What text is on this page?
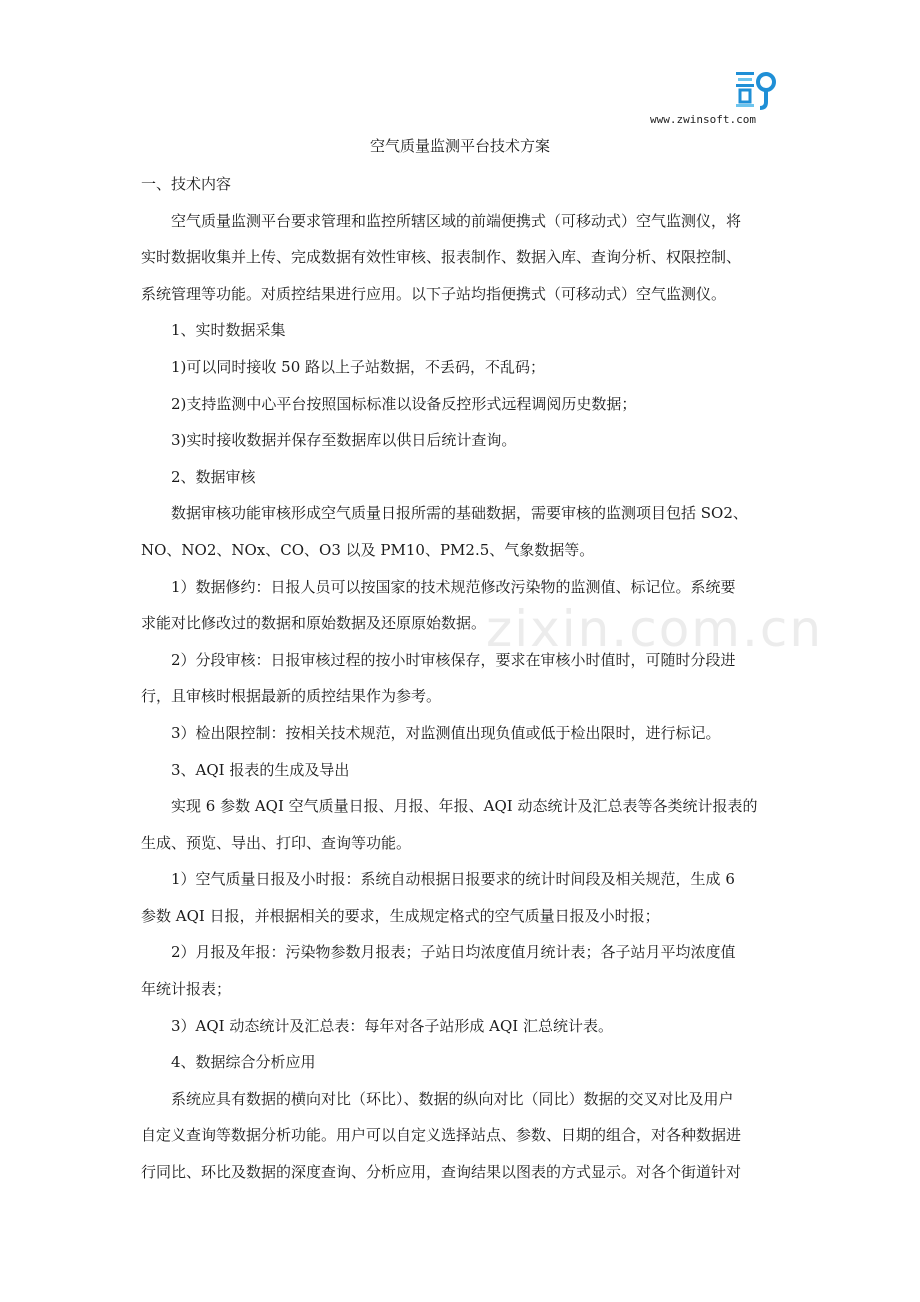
www.zwinsoft.com
zixin.com.cn
空气质量监测平台技术方案
一、技术内容
空气质量监测平台要求管理和监控所辖区域的前端便携式（可移动式）空气监测仪，将
实时数据收集并上传、完成数据有效性审核、报表制作、数据入库、查询分析、权限控制、
系统管理等功能。对质控结果进行应用。以下子站均指便携式（可移动式）空气监测仪。
1、实时数据采集
1)可以同时接收 50 路以上子站数据，不丢码，不乱码；
2)支持监测中心平台按照国标标准以设备反控形式远程调阅历史数据；
3)实时接收数据并保存至数据库以供日后统计查询。
2、数据审核
数据审核功能审核形成空气质量日报所需的基础数据，需要审核的监测项目包括 SO2、
NO、NO2、NOx、CO、O3 以及 PM10、PM2.5、气象数据等。
1）数据修约：日报人员可以按国家的技术规范修改污染物的监测值、标记位。系统要
求能对比修改过的数据和原始数据及还原原始数据。
2）分段审核：日报审核过程的按小时审核保存，要求在审核小时值时，可随时分段进
行，且审核时根据最新的质控结果作为参考。
3）检出限控制：按相关技术规范，对监测值出现负值或低于检出限时，进行标记。
3、AQI 报表的生成及导出
实现 6 参数 AQI 空气质量日报、月报、年报、AQI 动态统计及汇总表等各类统计报表的
生成、预览、导出、打印、查询等功能。
1）空气质量日报及小时报：系统自动根据日报要求的统计时间段及相关规范，生成 6
参数 AQI 日报，并根据相关的要求，生成规定格式的空气质量日报及小时报；
2）月报及年报：污染物参数月报表；子站日均浓度值月统计表；各子站月平均浓度值
年统计报表；
3）AQI 动态统计及汇总表：每年对各子站形成 AQI 汇总统计表。
4、数据综合分析应用
系统应具有数据的横向对比（环比）、数据的纵向对比（同比）数据的交叉对比及用户
自定义查询等数据分析功能。用户可以自定义选择站点、参数、日期的组合，对各种数据进
行同比、环比及数据的深度查询、分析应用，查询结果以图表的方式显示。对各个街道针对
